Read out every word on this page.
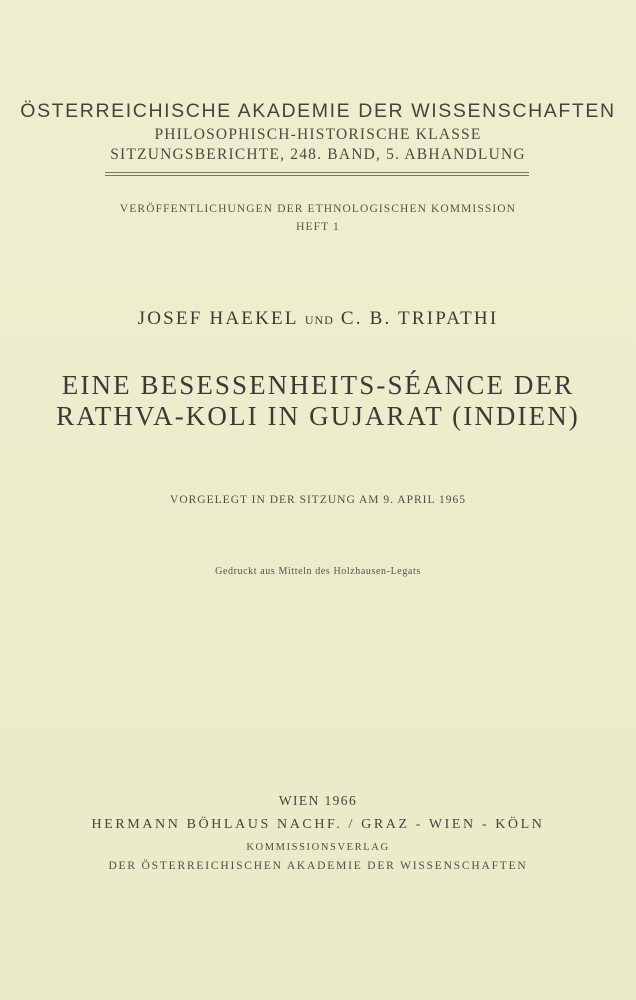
ÖSTERREICHISCHE AKADEMIE DER WISSENSCHAFTEN
PHILOSOPHISCH-HISTORISCHE KLASSE
SITZUNGSBERICHTE, 248. BAND, 5. ABHANDLUNG
VERÖFFENTLICHUNGEN DER ETHNOLOGISCHEN KOMMISSION
HEFT 1
JOSEF HAEKEL UND C. B. TRIPATHI
EINE BESESSENHEITS-SÉANCE DER
RATHVA-KOLI IN GUJARAT (INDIEN)
VORGELEGT IN DER SITZUNG AM 9. APRIL 1965
Gedruckt aus Mitteln des Holzhausen-Legats
WIEN 1966
HERMANN BÖHLAUS NACHF. / GRAZ - WIEN - KÖLN
KOMMISSIONSVERLAG
DER ÖSTERREICHISCHEN AKADEMIE DER WISSENSCHAFTEN
